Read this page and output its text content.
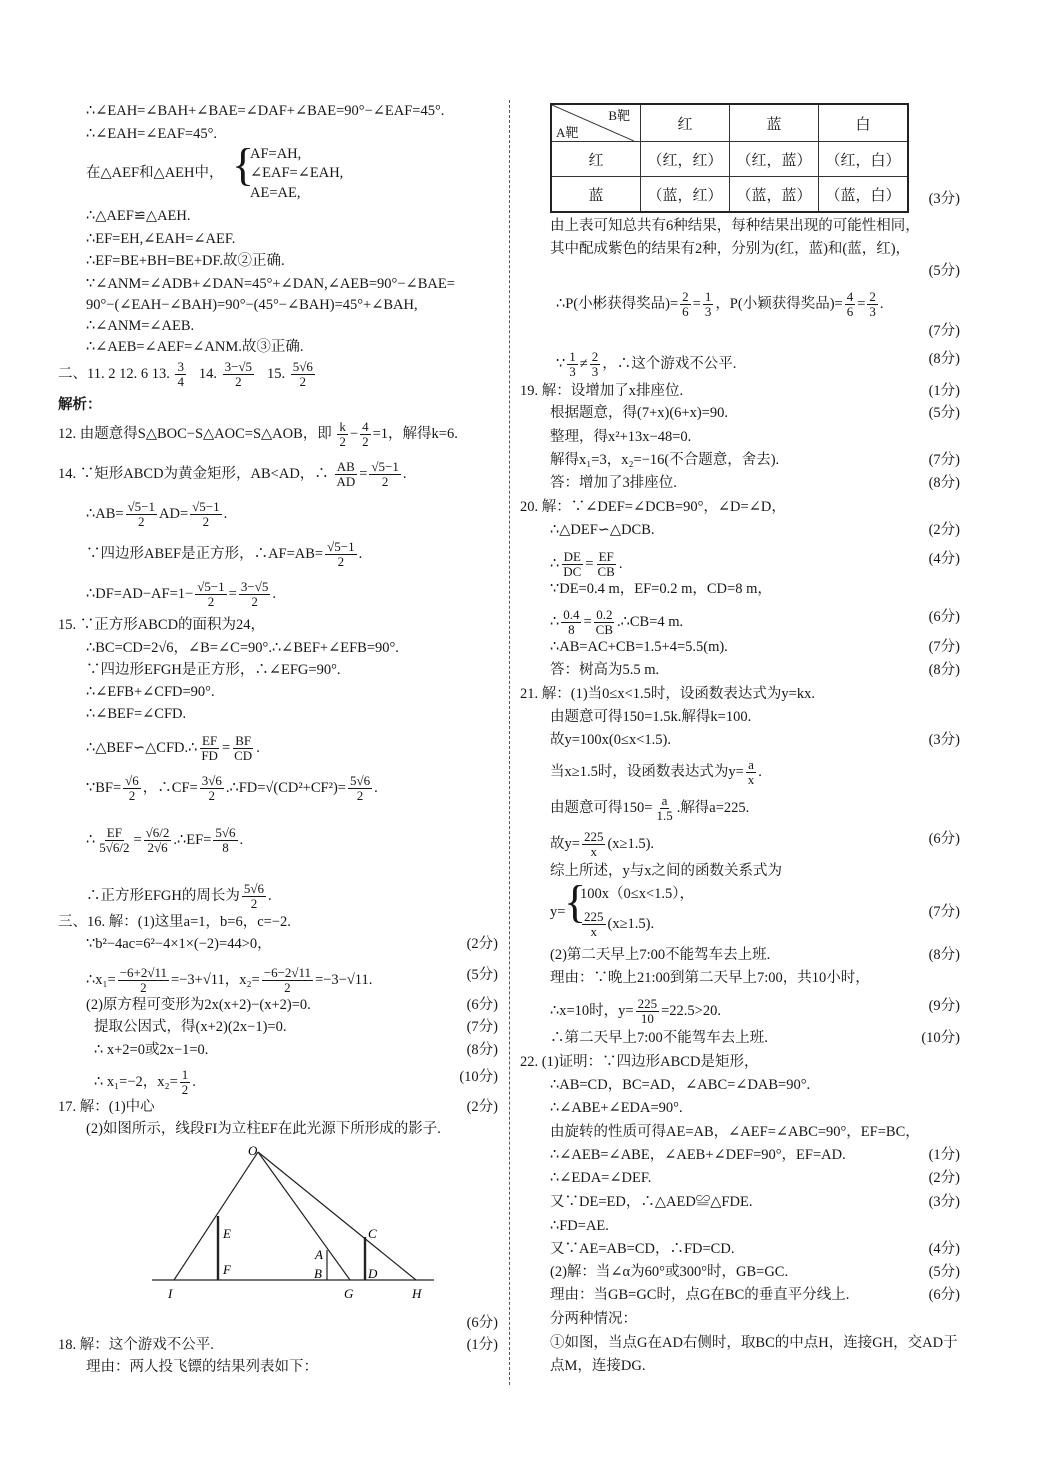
∴∠EAH=∠BAH+∠BAE=∠DAF+∠BAE=90°−∠EAF=45°.
∴∠EAH=∠EAF=45°.
在△AEF和△AEH中， {
AF=AH,
∠EAF=∠EAH,
AE=AE,
∴△AEF≌△AEH.
∴EF=EH,∠EAH=∠AEF.
∴EF=BE+BH=BE+DF.故②正确.
∵∠ANM=∠ADB+∠DAN=45°+∠DAN,∠AEB=90°−∠BAE=
90°−(∠EAH−∠BAH)=90°−(45°−∠BAH)=45°+∠BAH,
∴∠ANM=∠AEB.
∴∠AEB=∠AEF=∠ANM.故③正确.
二、11. 2 12. 6 13. $\frac{3}{4} 14$. $\frac{3-√5}{2} 15$. $\frac{5√6}{2}$
解析：
12. 由题意得S△BOC−S△AOC=S△AOB，即 $\frac{k}{2} - \frac{4}{2} =1$，解得k=6.
14. ∵矩形ABCD为黄金矩形，AB<AD，∴ $\frac{AB}{AD} = \frac{√5-1}{2}$ .
∴AB= $\frac{√5-1}{2} AD= \frac{√5-1}{2}$ .
∵四边形ABEF是正方形，∴AF=AB= $\frac{√5-1}{2}$ .
∴DF=AD−AF=1− $\frac{√5-1}{2} = \frac{3-√5}{2}$ .
15. ∵正方形ABCD的面积为24，
∴BC=CD=2√6，∠B=∠C=90°.∴∠BEF+∠EFB=90°.
∵四边形EFGH是正方形，∴∠EFG=90°.
∴∠EFB+∠CFD=90°.
∴∠BEF=∠CFD.
∴△BEF∽△CFD.∴ $\frac{EF}{FD} = \frac{BF}{CD}$ .
∵BF= $\frac{√6}{2}$ ，∴CF= $\frac{3√6}{2}$ .∴FD=√(CD²+CF²)= $\frac{5√6}{2}$ .
∴ $\frac{EF}{5√6/2} = \frac{√6/2}{2√6}$ .∴EF= $\frac{5√6}{8}$ .
∴正方形EFGH的周长为 $\frac{5√6}{2}$ .
三、16. 解：(1)这里a=1，b=6，c=−2.
∵b²−4ac=6²−4×1×(−2)=44>0，	(2分)
∴x₁= $\frac{-6+2√11}{2} =-3+√11$，$x_2= \frac{-6-2√11}{2} =-3-√11$.	(5分)
(2)原方程可变形为2x(x+2)−(x+2)=0.	(6分)
提取公因式，得(x+2)(2x−1)=0.	(7分)
∴ x+2=0或2x−1=0.	(8分)
∴ x₁=−2，$x_2= \frac{1}{2}$ .	(10分)
17. 解：(1)中心	(2分)
(2)如图所示，线段FI为立柱EF在此光源下所形成的影子.
O
E
F
I
A
B
G
C
D
H
(6分)
18. 解：这个游戏不公平.	(1分)
理由：两人投飞镖的结果列表如下：
B靶
A靶	红	蓝	白
红	（红，红）	（红，蓝）	（红，白）
蓝	（蓝，红）	（蓝，蓝）	（蓝，白） (3分)
由上表可知总共有6种结果，每种结果出现的可能性相同，
其中配成紫色的结果有2种，分别为(红，蓝)和(蓝，红)，
(5分)
∴P(小彬获得奖品)= $\frac{2}{6} = \frac{1}{3}$ ，P(小颖获得奖品)= $\frac{4}{6} = \frac{2}{3}$ .
(7分)
∵ $\frac{1}{3} \ne \frac{2}{3}$ ，∴这个游戏不公平.	(8分)
19. 解：设增加了x排座位.	(1分)
根据题意，得(7+x)(6+x)=90.	(5分)
整理，得x²+13x−48=0.
解得x₁=3，x₂=−16(不合题意，舍去).	(7分)
答：增加了3排座位.	(8分)
20. 解：∵∠DEF=∠DCB=90°，∠D=∠D，
∴△DEF∽△DCB.	(2分)
∴ $\frac{DE}{DC} = \frac{EF}{CB}$ .	(4分)
∵DE=0.4 m，EF=0.2 m，CD=8 m，
∴ $\frac{0.4}{8} = \frac{0.2}{CB}$ .∴CB=4 m.	(6分)
∴AB=AC+CB=1.5+4=5.5(m).	(7分)
答：树高为5.5 m.	(8分)
21. 解：(1)当0≤x<1.5时，设函数表达式为y=kx.
由题意可得150=1.5k.解得k=100.
故y=100x(0≤x<1.5).	(3分)
当x≥1.5时，设函数表达式为$y= \frac{a}{x}$ .
由题意可得$150= \frac{a}{1.5}$ .解得a=225.
故$y= \frac{225}{x} (x\ge 1.5)$.	(6分)
综上所述，y与x之间的函数关系式为
y=
{
100x（0≤x<1.5），
$\frac{225}{x} (x\ge 1.5)$.
(7分)
(2)第二天早上7:00不能驾车去上班.	(8分)
理由：∵晚上21:00到第二天早上7:00，共10小时，
∴x=10时，$y= \frac{225}{10} =22.5>20$.	(9分)
∴第二天早上7:00不能驾车去上班.	(10分)
22. (1)证明：∵四边形ABCD是矩形，
∴AB=CD，BC=AD，∠ABC=∠DAB=90°.
∴∠ABE+∠EDA=90°.
由旋转的性质可得AE=AB，∠AEF=∠ABC=90°，EF=BC，
∴∠AEB=∠ABE，∠AEB+∠DEF=90°，EF=AD.	(1分)
∴∠EDA=∠DEF.	(2分)
又∵DE=ED，∴△AED≌△FDE.	(3分)
∴FD=AE.
又∵AE=AB=CD，∴FD=CD.	(4分)
(2)解：当∠α为60°或300°时，GB=GC.	(5分)
理由：当GB=GC时，点G在BC的垂直平分线上.	(6分)
分两种情况：
①如图，当点G在AD右侧时，取BC的中点H，连接GH，交AD于
点M，连接DG.
